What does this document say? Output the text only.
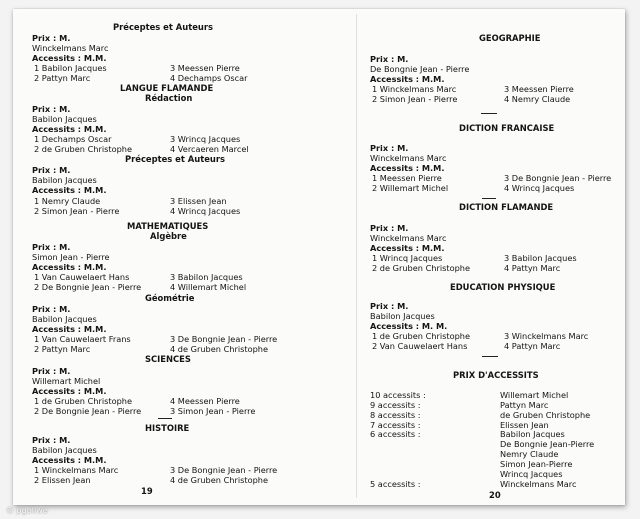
Préceptes et Auteurs
Prix : M.
Winckelmans Marc
Accessits : M.M.
1 Babilon Jacques	3 Meessen Pierre
2 Pattyn Marc	4 Dechamps Oscar
LANGUE FLAMANDE
Rédaction
Prix : M.
Babilon Jacques
Accessits : M.M.
1 Dechamps Oscar	3 Wrincq Jacques
2 de Gruben Christophe	4 Vercaeren Marcel
Préceptes et Auteurs
Prix : M.
Babilon Jacques
Accessits : M.M.
1 Nemry Claude	3 Elissen Jean
2 Simon Jean - Pierre	4 Wrincq Jacques
MATHEMATIQUES
Algèbre
Prix : M.
Simon Jean - Pierre
Accessits : M.M.
1 Van Cauwelaert Hans	3 Babilon Jacques
2 De Bongnie Jean - Pierre	4 Willemart Michel
Géométrie
Prix : M.
Babilon Jacques
Accessits : M.M.
1 Van Cauwelaert Frans	3 De Bongnie Jean - Pierre
2 Pattyn Marc	4 de Gruben Christophe
SCIENCES
Prix : M.
Willemart Michel
Accessits : M.M.
1 de Gruben Christophe	4 Meessen Pierre
2 De Bongnie Jean - Pierre	3 Simon Jean - Pierre
HISTOIRE
Prix : M.
Babilon Jacques
Accessits : M.M.
1 Winckelmans Marc	3 De Bongnie Jean - Pierre
2 Elissen Jean	4 de Gruben Christophe
19
GEOGRAPHIE
Prix : M.
De Bongnie Jean - Pierre
Accessits : M.M.
1 Winckelmans Marc	3 Meessen Pierre
2 Simon Jean - Pierre	4 Nemry Claude
DICTION FRANCAISE
Prix : M.
Winckelmans Marc
Accessits : M.M.
1 Meessen Pierre	3 De Bongnie Jean - Pierre
2 Willemart Michel	4 Wrincq Jacques
DICTION FLAMANDE
Prix : M.
Winckelmans Marc
Accessits : M.M.
1 Wrincq Jacques	3 Babilon Jacques
2 de Gruben Christophe	4 Pattyn Marc
EDUCATION PHYSIQUE
Prix : M.
Babilon Jacques
Accessits : M. M.
1 de Gruben Christophe	3 Winckelmans Marc
2 Van Cauwelaert Hans	4 Pattyn Marc
PRIX D'ACCESSITS
10 accessits :	Willemart Michel
9 accessits :	Pattyn Marc
8 accessits :	de Gruben Christophe
7 accessits :	Elissen Jean
6 accessits :	Babilon Jacques
De Bongnie Jean-Pierre
Nemry Claude
Simon Jean-Pierre
Wrincq Jacques
5 accessits :	Winckelmans Marc
20
© pgbliwe
